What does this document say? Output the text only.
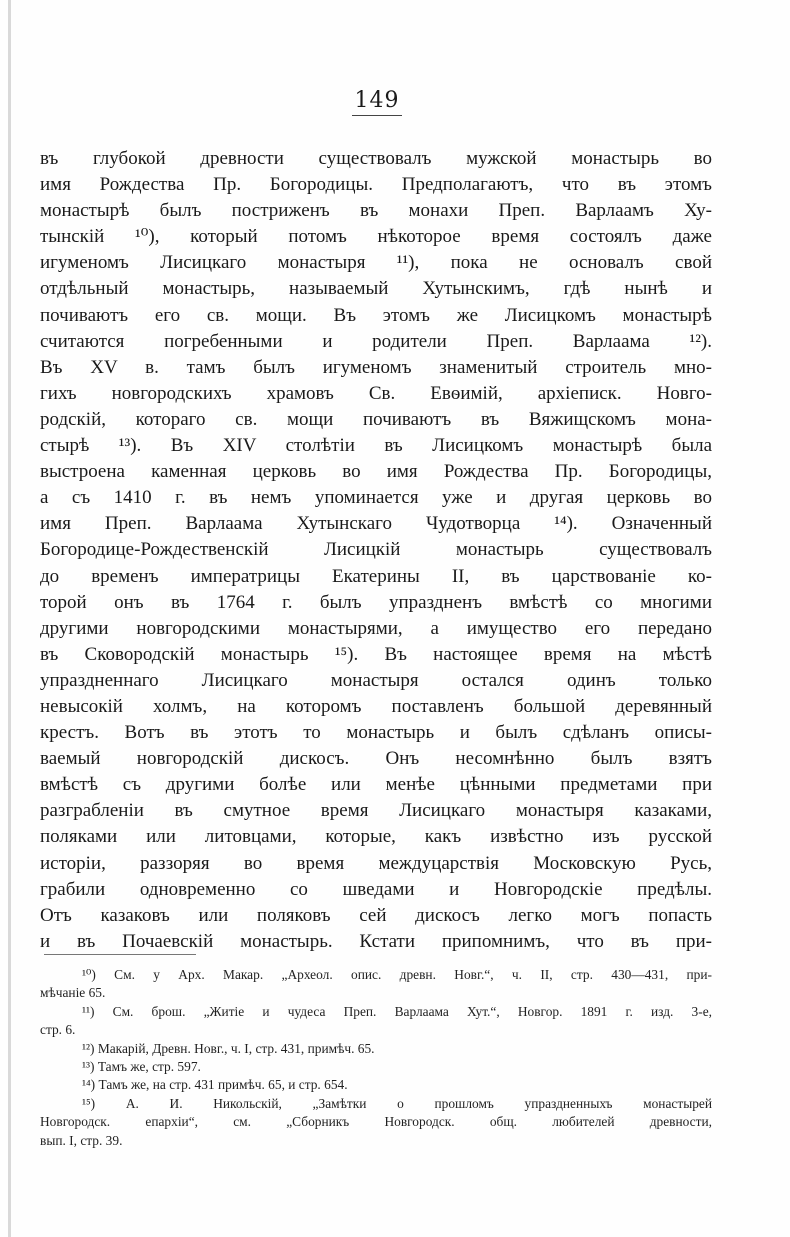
149
въ глубокой древности существовалъ мужской монастырь во
имя Рождества Пр. Богородицы. Предполагаютъ, что въ этомъ
монастырѣ былъ постриженъ въ монахи Преп. Варлаамъ Ху-
тынскій ¹⁰), который потомъ нѣкоторое время состоялъ даже
игуменомъ Лисицкаго монастыря ¹¹), пока не основалъ свой
отдѣльный монастырь, называемый Хутынскимъ, гдѣ нынѣ и
почиваютъ его св. мощи. Въ этомъ же Лисицкомъ монастырѣ
считаются погребенными и родители Преп. Варлаама ¹²).
Въ XV в. тамъ былъ игуменомъ знаменитый строитель мно-
гихъ новгородскихъ храмовъ Св. Евѳимій, архіеписк. Новго-
родскій, котораго св. мощи почиваютъ въ Вяжищскомъ мона-
стырѣ ¹³). Въ XIV столѣтіи въ Лисицкомъ монастырѣ была
выстроена каменная церковь во имя Рождества Пр. Богородицы,
а съ 1410 г. въ немъ упоминается уже и другая церковь во
имя Преп. Варлаама Хутынскаго Чудотворца ¹⁴). Означенный
Богородице-Рождественскій Лисицкій монастырь существовалъ
до временъ императрицы Екатерины II, въ царствованіе ко-
торой онъ въ 1764 г. былъ упраздненъ вмѣстѣ со многими
другими новгородскими монастырями, а имущество его передано
въ Сковородскій монастырь ¹⁵). Въ настоящее время на мѣстѣ
упраздненнаго Лисицкаго монастыря остался одинъ только
невысокій холмъ, на которомъ поставленъ большой деревянный
крестъ. Вотъ въ этотъ то монастырь и былъ сдѣланъ описы-
ваемый новгородскій дискосъ. Онъ несомнѣнно былъ взятъ
вмѣстѣ съ другими болѣе или менѣе цѣнными предметами при
разграбленіи въ смутное время Лисицкаго монастыря казаками,
поляками или литовцами, которые, какъ извѣстно изъ русской
исторіи, раззоряя во время междуцарствія Московскую Русь,
грабили одновременно со шведами и Новгородскіе предѣлы.
Отъ казаковъ или поляковъ сей дискосъ легко могъ попасть
и въ Почаевскій монастырь. Кстати припомнимъ, что въ при-
¹⁰) См. у Арх. Макар. „Археол. опис. древн. Новг.“, ч. II, стр. 430—431, при-
мѣчаніе 65.
¹¹) См. брош. „Житіе и чудеса Преп. Варлаама Хут.“, Новгор. 1891 г. изд. 3-е,
стр. 6.
¹²) Макарій, Древн. Новг., ч. I, стр. 431, примѣч. 65.
¹³) Тамъ же, стр. 597.
¹⁴) Тамъ же, на стр. 431 примѣч. 65, и стр. 654.
¹⁵) А. И. Никольскій, „Замѣтки о прошломъ упраздненныхъ монастырей
Новгородск. епархіи“, см. „Сборникъ Новгородск. общ. любителей древности,
вып. I, стр. 39.
